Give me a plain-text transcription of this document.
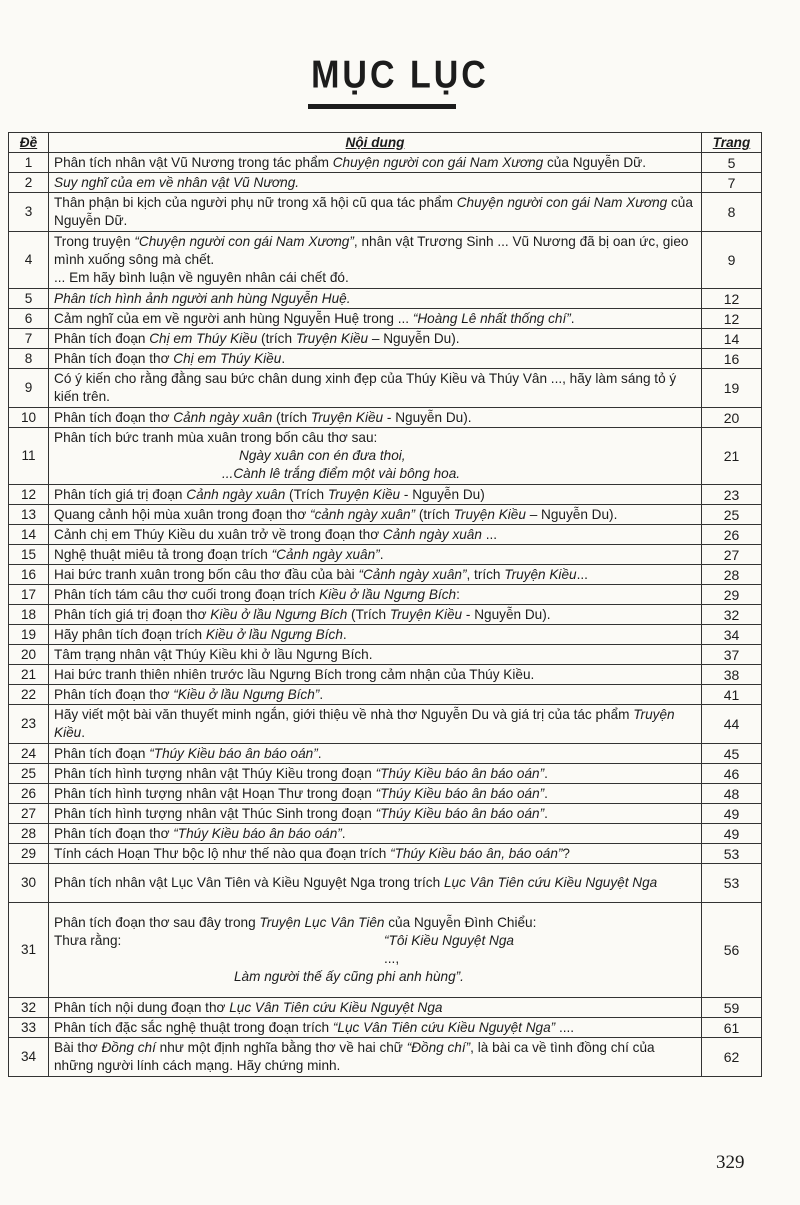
MỤC LỤC
Đề	Nội dung	Trang
1	Phân tích nhân vật Vũ Nương trong tác phẩm Chuyện người con gái Nam Xương của Nguyễn Dữ.	5
2	Suy nghĩ của em về nhân vật Vũ Nương.	7
3	Thân phận bi kịch của người phụ nữ trong xã hội cũ qua tác phẩm Chuyện người con gái Nam Xương của Nguyễn Dữ.	8
4	Trong truyện “Chuyện người con gái Nam Xương”, nhân vật Trương Sinh ... Vũ Nương đã bị oan ức, gieo mình xuống sông mà chết.
... Em hãy bình luận về nguyên nhân cái chết đó.	9
5	Phân tích hình ảnh người anh hùng Nguyễn Huệ.	12
6	Cảm nghĩ của em về người anh hùng Nguyễn Huệ trong ... “Hoàng Lê nhất thống chí”.	12
7	Phân tích đoạn Chị em Thúy Kiều (trích Truyện Kiều – Nguyễn Du).	14
8	Phân tích đoạn thơ Chị em Thúy Kiều.	16
9	Có ý kiến cho rằng đằng sau bức chân dung xinh đẹp của Thúy Kiều và Thúy Vân ..., hãy làm sáng tỏ ý kiến trên.	19
10	Phân tích đoạn thơ Cảnh ngày xuân (trích Truyện Kiều - Nguyễn Du).	20
11	Phân tích bức tranh mùa xuân trong bốn câu thơ sau:
Ngày xuân con én đưa thoi,
...Cành lê trắng điểm một vài bông hoa.	21
12	Phân tích giá trị đoạn Cảnh ngày xuân (Trích Truyện Kiều - Nguyễn Du)	23
13	Quang cảnh hội mùa xuân trong đoạn thơ “cảnh ngày xuân” (trích Truyện Kiều – Nguyễn Du).	25
14	Cảnh chị em Thúy Kiều du xuân trở về trong đoạn thơ Cảnh ngày xuân ...	26
15	Nghệ thuật miêu tả trong đoạn trích “Cảnh ngày xuân”.	27
16	Hai bức tranh xuân trong bốn câu thơ đầu của bài “Cảnh ngày xuân”, trích Truyện Kiều...	28
17	Phân tích tám câu thơ cuối trong đoạn trích Kiều ở lầu Ngưng Bích:	29
18	Phân tích giá trị đoạn thơ Kiều ở lầu Ngưng Bích (Trích Truyện Kiều - Nguyễn Du).	32
19	Hãy phân tích đoạn trích Kiều ở lầu Ngưng Bích.	34
20	Tâm trạng nhân vật Thúy Kiều khi ở lầu Ngưng Bích.	37
21	Hai bức tranh thiên nhiên trước lầu Ngưng Bích trong cảm nhận của Thúy Kiều.	38
22	Phân tích đoạn thơ “Kiều ở lầu Ngưng Bích”.	41
23	Hãy viết một bài văn thuyết minh ngắn, giới thiệu về nhà thơ Nguyễn Du và giá trị của tác phẩm Truyện Kiều.	44
24	Phân tích đoạn “Thúy Kiều báo ân báo oán”.	45
25	Phân tích hình tượng nhân vật Thúy Kiều trong đoạn “Thúy Kiều báo ân báo oán”.	46
26	Phân tích hình tượng nhân vật Hoạn Thư trong đoạn “Thúy Kiều báo ân báo oán”.	48
27	Phân tích hình tượng nhân vật Thúc Sinh trong đoạn “Thúy Kiều báo ân báo oán”.	49
28	Phân tích đoạn thơ “Thúy Kiều báo ân báo oán”.	49
29	Tính cách Hoạn Thư bộc lộ như thế nào qua đoạn trích “Thúy Kiều báo ân, báo oán”?	53
30	Phân tích nhân vật Lục Vân Tiên và Kiều Nguyệt Nga trong trích Lục Vân Tiên cứu Kiều Nguyệt Nga	53
31	Phân tích đoạn thơ sau đây trong Truyện Lục Vân Tiên của Nguyễn Đình Chiểu:
Thưa rằng: “Tôi Kiều Nguyệt Nga
...,
Làm người thế ấy cũng phi anh hùng”.	56
32	Phân tích nội dung đoạn thơ Lục Vân Tiên cứu Kiều Nguyệt Nga	59
33	Phân tích đặc sắc nghệ thuật trong đoạn trích “Lục Vân Tiên cứu Kiều Nguyệt Nga” ....	61
34	Bài thơ Đồng chí như một định nghĩa bằng thơ về hai chữ “Đồng chí”, là bài ca về tình đồng chí của những người lính cách mạng. Hãy chứng minh.	62
329
